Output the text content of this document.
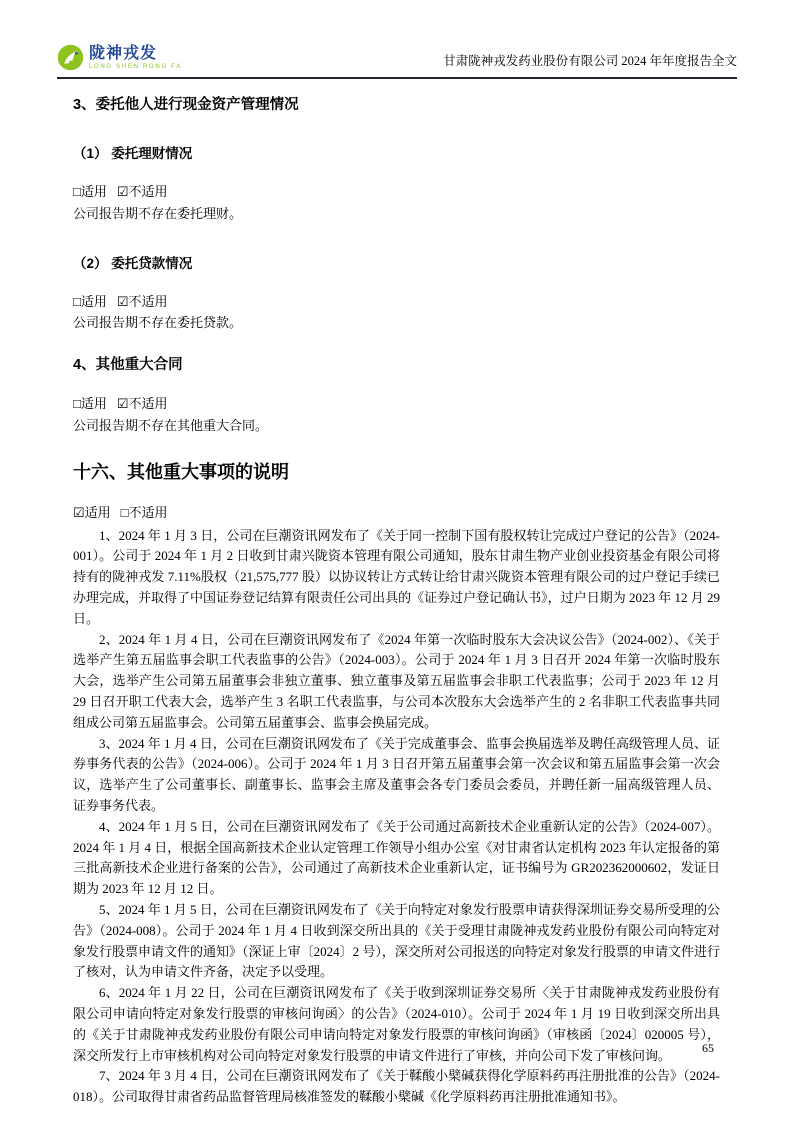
陇神戎发
LONG SHEN RONG FA	甘肃陇神戎发药业股份有限公司 2024 年年度报告全文
3、委托他人进行现金资产管理情况
（1） 委托理财情况
□适用 ☑不适用
公司报告期不存在委托理财。
（2） 委托贷款情况
□适用 ☑不适用
公司报告期不存在委托贷款。
4、其他重大合同
□适用 ☑不适用
公司报告期不存在其他重大合同。
十六、其他重大事项的说明
☑适用 □不适用

1、2024 年 1 月 3 日，公司在巨潮资讯网发布了《关于同一控制下国有股权转让完成过户登记的公告》（2024-001）。公司于 2024 年 1 月 2 日收到甘肃兴陇资本管理有限公司通知，股东甘肃生物产业创业投资基金有限公司将持有的陇神戎发 7.11%股权（21,575,777 股）以协议转让方式转让给甘肃兴陇资本管理有限公司的过户登记手续已办理完成，并取得了中国证券登记结算有限责任公司出具的《证券过户登记确认书》，过户日期为 2023 年 12 月 29 日。

2、2024 年 1 月 4 日，公司在巨潮资讯网发布了《2024 年第一次临时股东大会决议公告》（2024-002）、《关于选举产生第五届监事会职工代表监事的公告》（2024-003）。公司于 2024 年 1 月 3 日召开 2024 年第一次临时股东大会，选举产生公司第五届董事会非独立董事、独立董事及第五届监事会非职工代表监事；公司于 2023 年 12 月 29 日召开职工代表大会，选举产生 3 名职工代表监事，与公司本次股东大会选举产生的 2 名非职工代表监事共同组成公司第五届监事会。公司第五届董事会、监事会换届完成。

3、2024 年 1 月 4 日，公司在巨潮资讯网发布了《关于完成董事会、监事会换届选举及聘任高级管理人员、证券事务代表的公告》（2024-006）。公司于 2024 年 1 月 3 日召开第五届董事会第一次会议和第五届监事会第一次会议，选举产生了公司董事长、副董事长、监事会主席及董事会各专门委员会委员，并聘任新一届高级管理人员、证券事务代表。

4、2024 年 1 月 5 日，公司在巨潮资讯网发布了《关于公司通过高新技术企业重新认定的公告》（2024-007）。2024 年 1 月 4 日，根据全国高新技术企业认定管理工作领导小组办公室《对甘肃省认定机构 2023 年认定报备的第三批高新技术企业进行备案的公告》，公司通过了高新技术企业重新认定，证书编号为 GR202362000602，发证日期为 2023 年 12 月 12 日。

5、2024 年 1 月 5 日，公司在巨潮资讯网发布了《关于向特定对象发行股票申请获得深圳证券交易所受理的公告》（2024-008）。公司于 2024 年 1 月 4 日收到深交所出具的《关于受理甘肃陇神戎发药业股份有限公司向特定对象发行股票申请文件的通知》（深证上审〔2024〕2 号），深交所对公司报送的向特定对象发行股票的申请文件进行了核对，认为申请文件齐备，决定予以受理。

6、2024 年 1 月 22 日，公司在巨潮资讯网发布了《关于收到深圳证券交易所〈关于甘肃陇神戎发药业股份有限公司申请向特定对象发行股票的审核问询函〉的公告》（2024-010）。公司于 2024 年 1 月 19 日收到深交所出具的《关于甘肃陇神戎发药业股份有限公司申请向特定对象发行股票的审核问询函》（审核函〔2024〕020005 号），深交所发行上市审核机构对公司向特定对象发行股票的申请文件进行了审核，并向公司下发了审核问询。

7、2024 年 3 月 4 日，公司在巨潮资讯网发布了《关于鞣酸小檗碱获得化学原料药再注册批准的公告》（2024-018）。公司取得甘肃省药品监督管理局核准签发的鞣酸小檗碱《化学原料药再注册批准通知书》。

65
